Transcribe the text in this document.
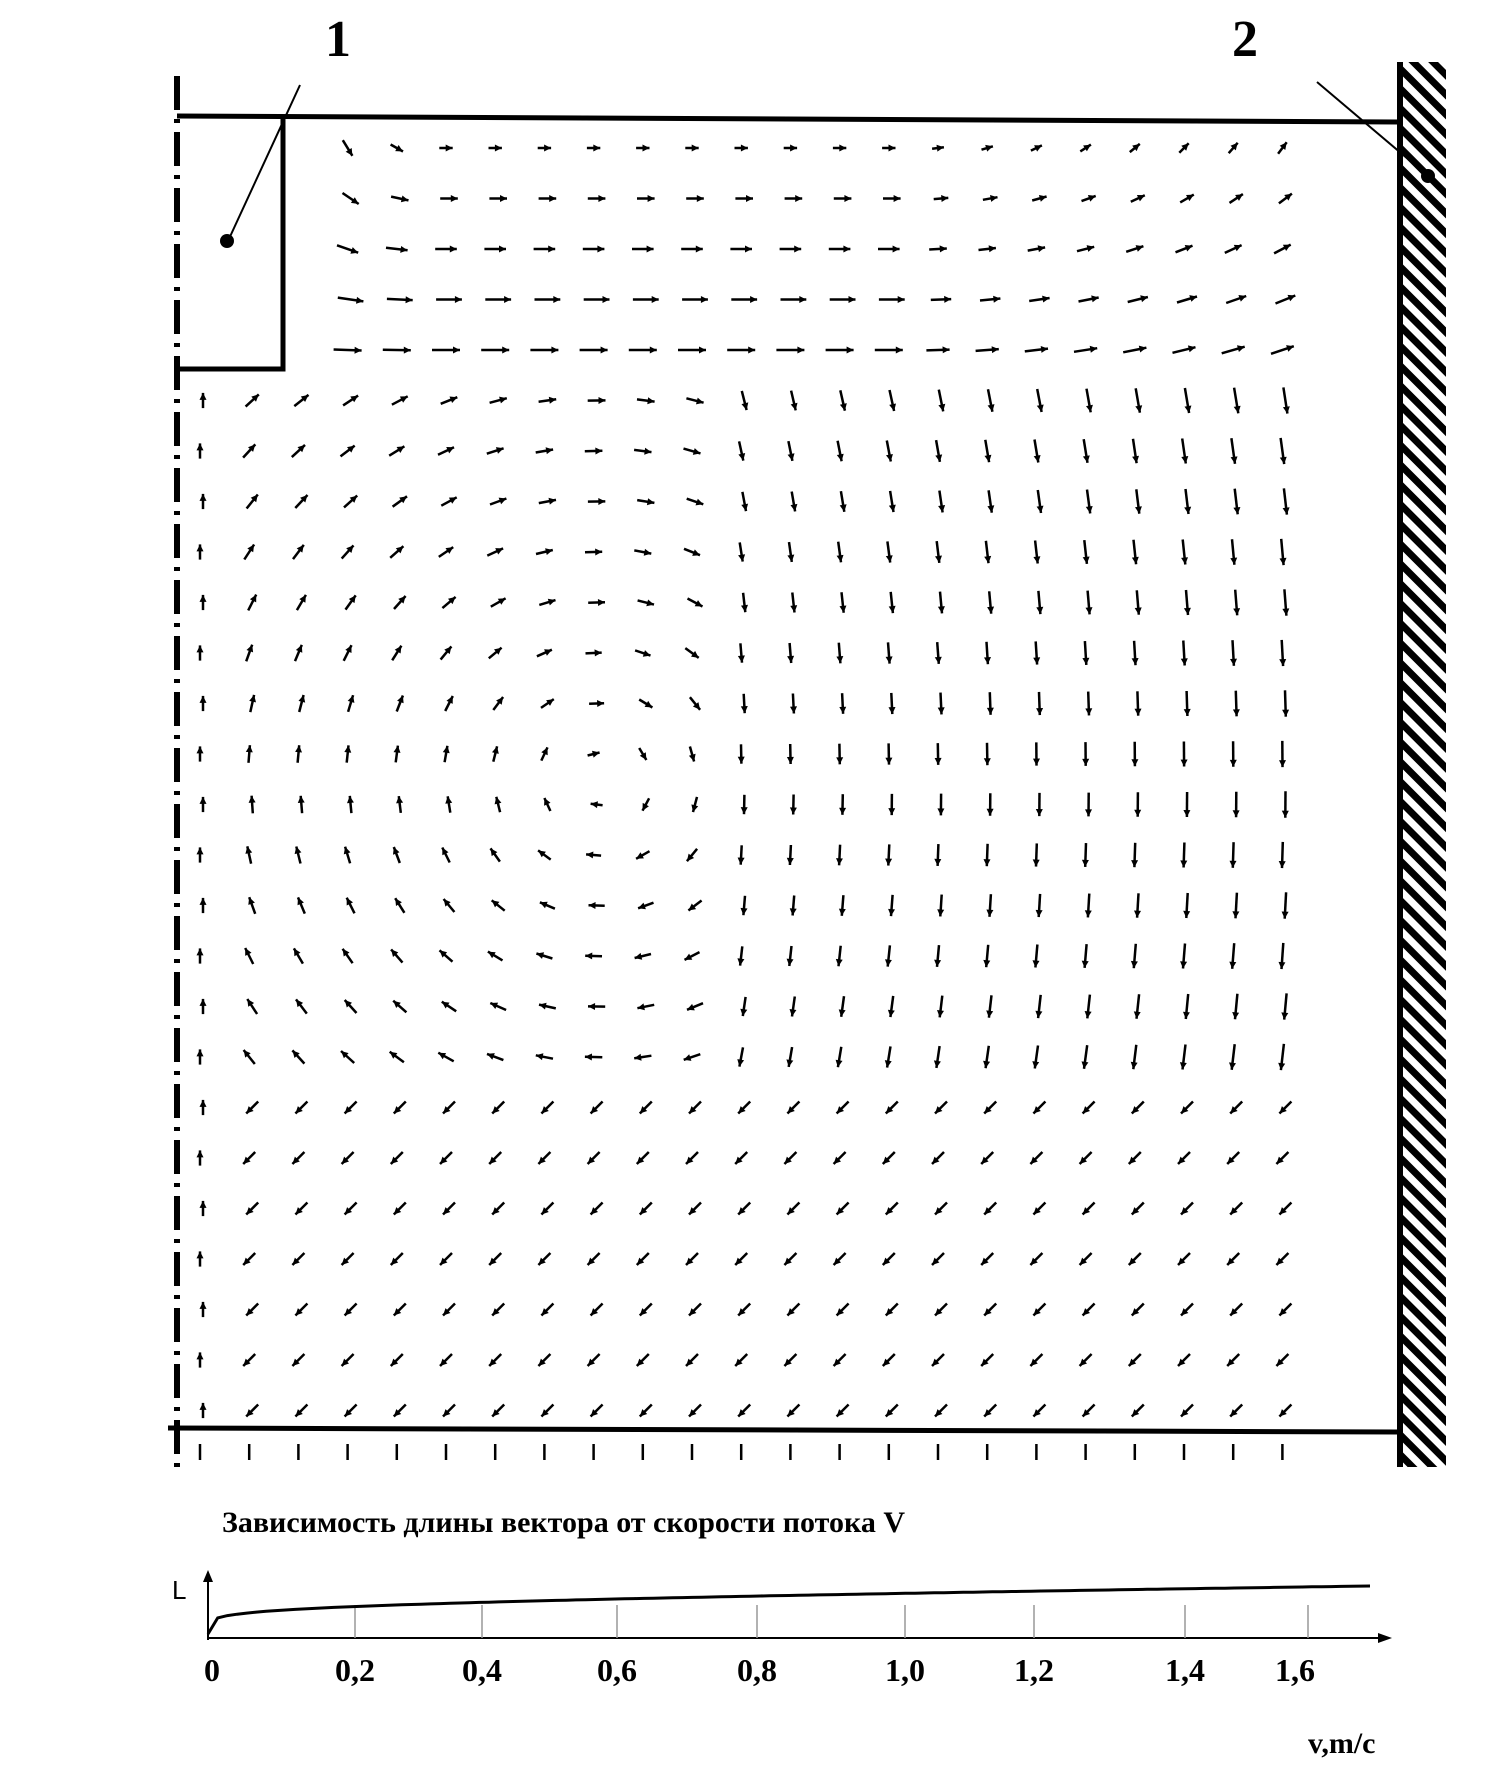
1	2
Зависимость длины вектора от скорости потока V
L
0	0,2	0,4	0,6	0,8	1,0	1,2	1,4 1,6
v,m/c
